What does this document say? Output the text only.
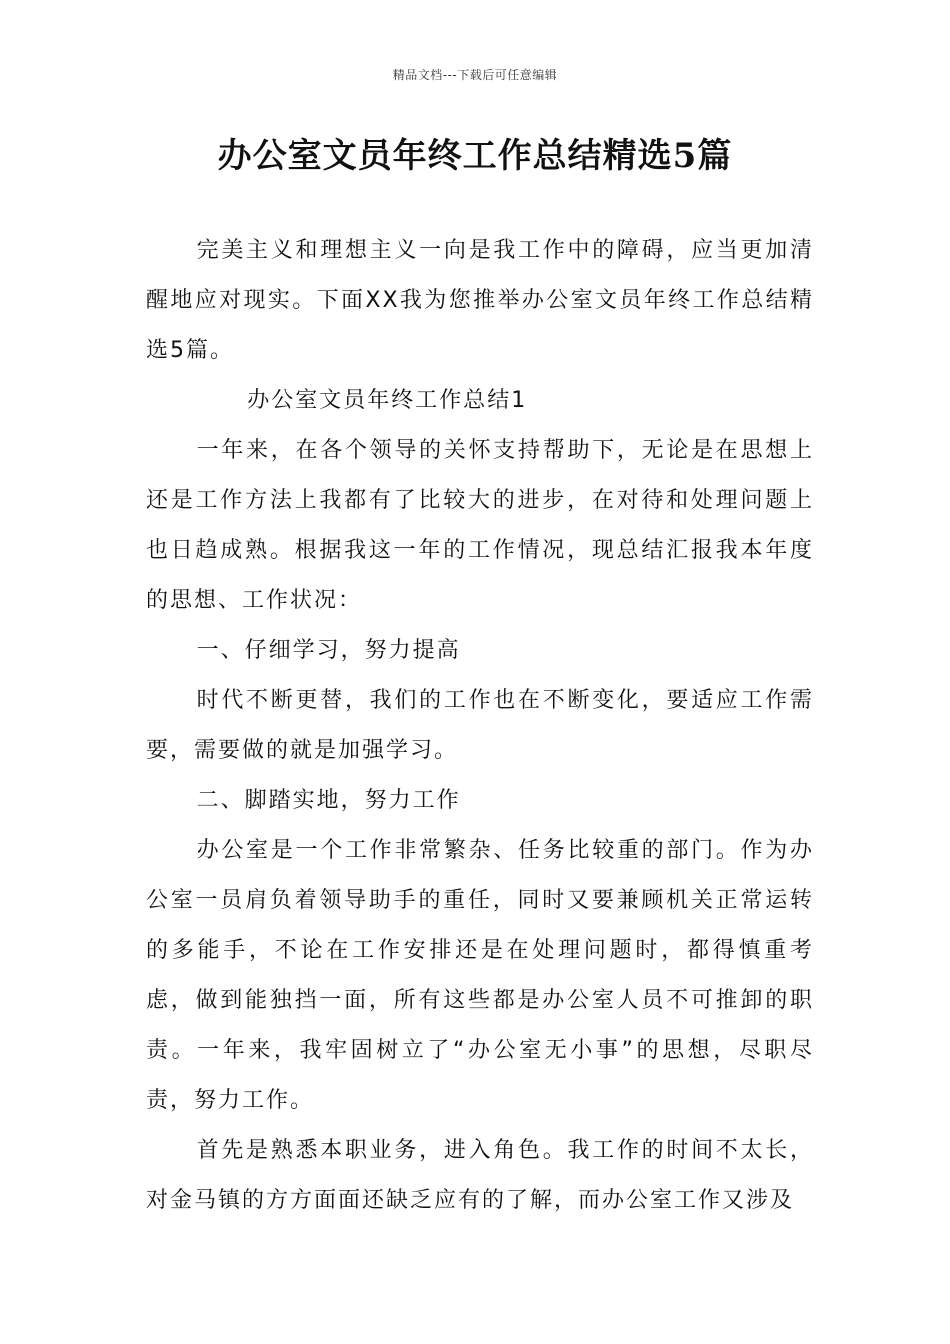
精品文档---下载后可任意编辑
办公室文员年终工作总结精选5篇

完美主义和理想主义一向是我工作中的障碍，应当更加清醒地应对现实。下面XX我为您推举办公室文员年终工作总结精选5篇。

办公室文员年终工作总结1

一年来，在各个领导的关怀支持帮助下，无论是在思想上还是工作方法上我都有了比较大的进步，在对待和处理问题上也日趋成熟。根据我这一年的工作情况，现总结汇报我本年度的思想、工作状况：

一、仔细学习，努力提高

时代不断更替，我们的工作也在不断变化，要适应工作需要，需要做的就是加强学习。

二、脚踏实地，努力工作

办公室是一个工作非常繁杂、任务比较重的部门。作为办公室一员肩负着领导助手的重任，同时又要兼顾机关正常运转的多能手，不论在工作安排还是在处理问题时，都得慎重考虑，做到能独挡一面，所有这些都是办公室人员不可推卸的职责。一年来，我牢固树立了“办公室无小事”的思想，尽职尽责，努力工作。

首先是熟悉本职业务，进入角色。我工作的时间不太长，对金马镇的方方面面还缺乏应有的了解，而办公室工作又涉及
